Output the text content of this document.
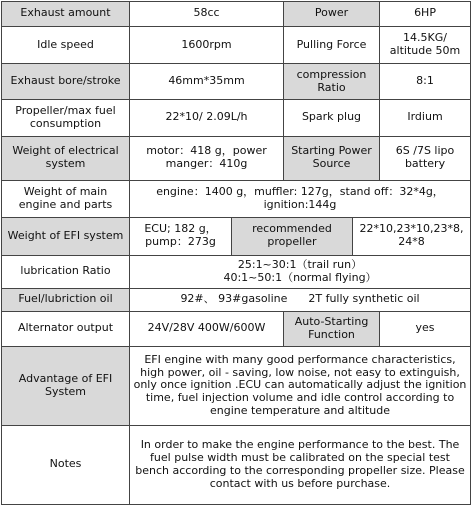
Exhaust amount	58cc		Power		6HP
Idle speed	1600rpm		Pulling Force		14.5KG/ altitude 50m
Exhaust bore/stroke	46mm*35mm		compression Ratio		8:1
Propeller/max fuel consumption	22*10/ 2.09L/h		Spark plug		Irdium
Weight of electrical system	motor：418 g，power manger：410g		Starting Power Source		6S /7S lipo battery
Weight of main engine and parts	engine：1400 g，muffler: 127g，stand off：32*4g，ignition:144g				
Weight of EFI system	ECU; 182 g，pump：273g	recommended propeller		22*10,23*10,23*8, 24*8	
lubrication Ratio	25:1~30:1（trail run）
40:1~50:1（normal flying）				

Fuel/lubriction oil	92#、 93#gasoline      2T fully synthetic oil				
Alternator output	24V/28V 400W/600W		Auto-Starting Function		yes
Advantage of EFI System	EFI engine with many good performance characteristics, high power, oil - saving, low noise, not easy to extinguish, only once ignition .ECU can automatically adjust the ignition time, fuel injection volume and idle control according to engine temperature and altitude				
Notes	In order to make the engine performance to the best. The fuel pulse width must be calibrated on the special test bench according to the corresponding propeller size. Please contact with us before purchase.				
